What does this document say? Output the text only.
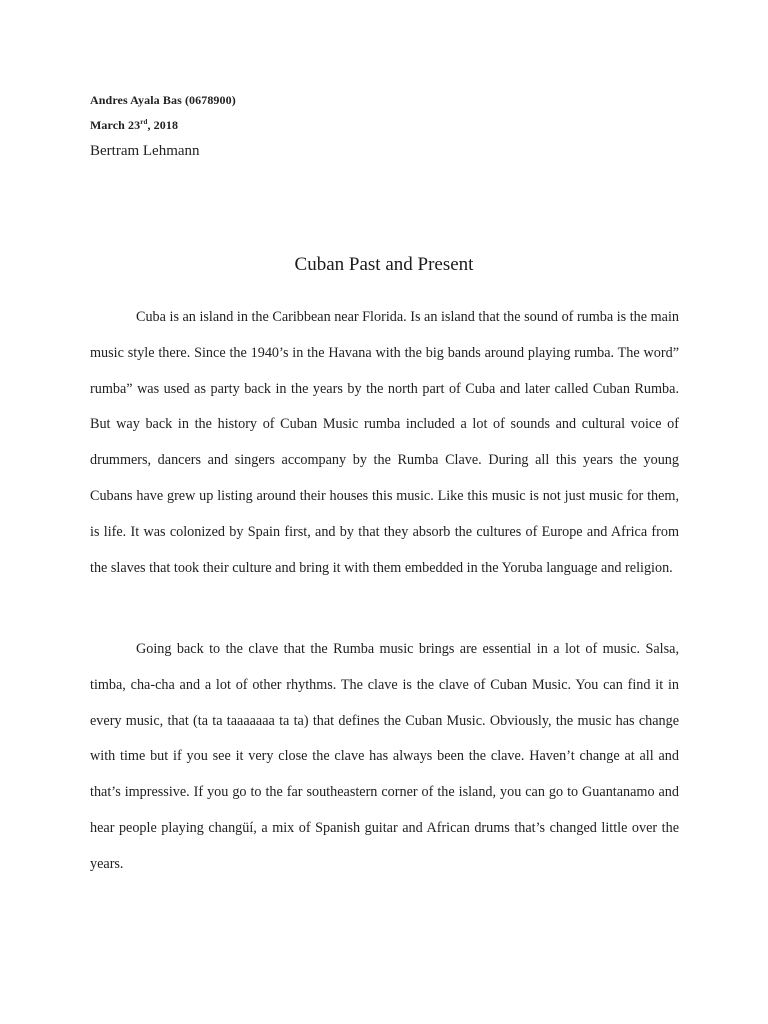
Andres Ayala Bas (0678900)
March 23rd, 2018
Bertram Lehmann
Cuban Past and Present

Cuba is an island in the Caribbean near Florida. Is an island that the sound of rumba is the main music style there. Since the 1940’s in the Havana with the big bands around playing rumba. The word” rumba” was used as party back in the years by the north part of Cuba and later called Cuban Rumba. But way back in the history of Cuban Music rumba included a lot of sounds and cultural voice of drummers, dancers and singers accompany by the Rumba Clave. During all this years the young Cubans have grew up listing around their houses this music. Like this music is not just music for them, is life. It was colonized by Spain first, and by that they absorb the cultures of Europe and Africa from the slaves that took their culture and bring it with them embedded in the Yoruba language and religion.

Going back to the clave that the Rumba music brings are essential in a lot of music. Salsa, timba, cha-cha and a lot of other rhythms. The clave is the clave of Cuban Music. You can find it in every music, that (ta ta taaaaaaa ta ta) that defines the Cuban Music. Obviously, the music has change with time but if you see it very close the clave has always been the clave. Haven’t change at all and that’s impressive. If you go to the far southeastern corner of the island, you can go to Guantanamo and hear people playing changüí, a mix of Spanish guitar and African drums that’s changed little over the years.
